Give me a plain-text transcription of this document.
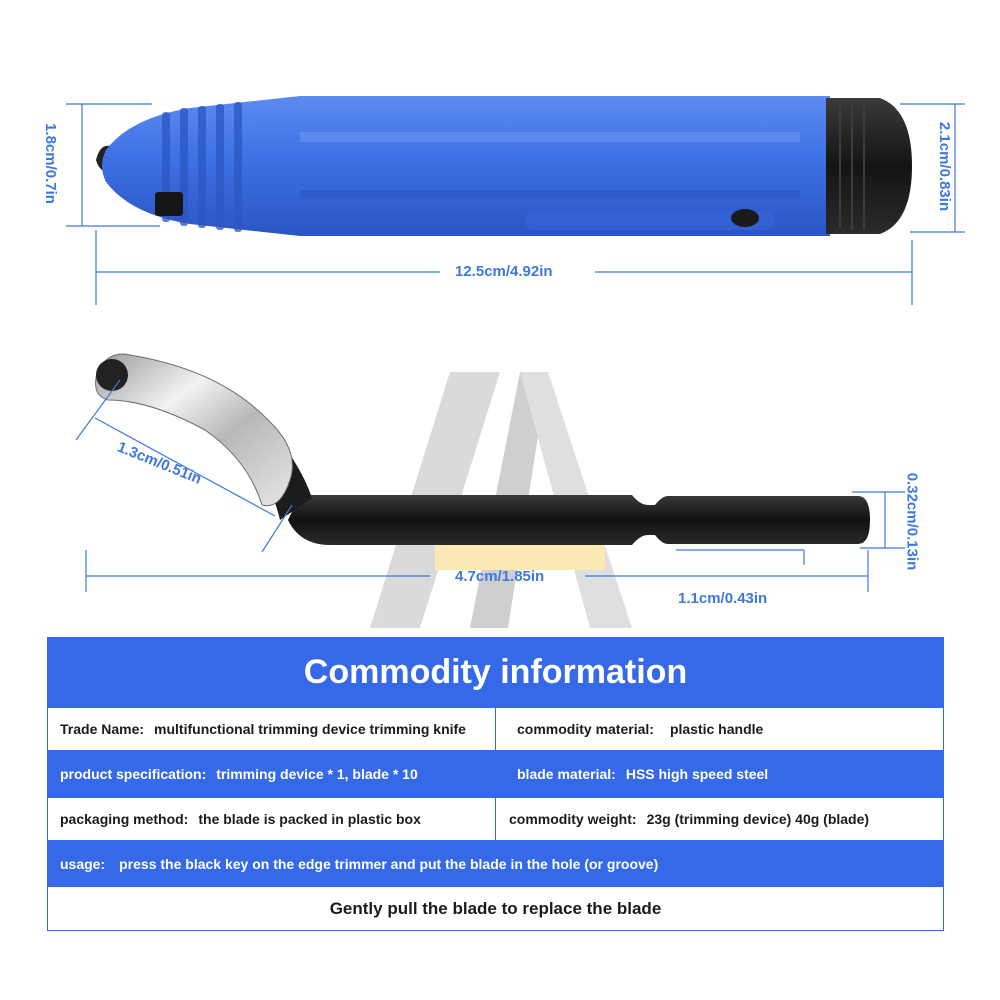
1.8cm/0.7in	2.1cm/0.83in
12.5cm/4.92in
1.3cm/0.51in
4.7cm/1.85in
1.1cm/0.43in
0.32cm/0.13in
Commodity information
Trade Name: multifunctional trimming device trimming knife	commodity material: plastic handle
product specification: trimming device * 1, blade * 10	blade material: HSS high speed steel
packaging method: the blade is packed in plastic box	commodity weight: 23g (trimming device) 40g (blade)
usage: press the black key on the edge trimmer and put the blade in the hole (or groove)
Gently pull the blade to replace the blade
